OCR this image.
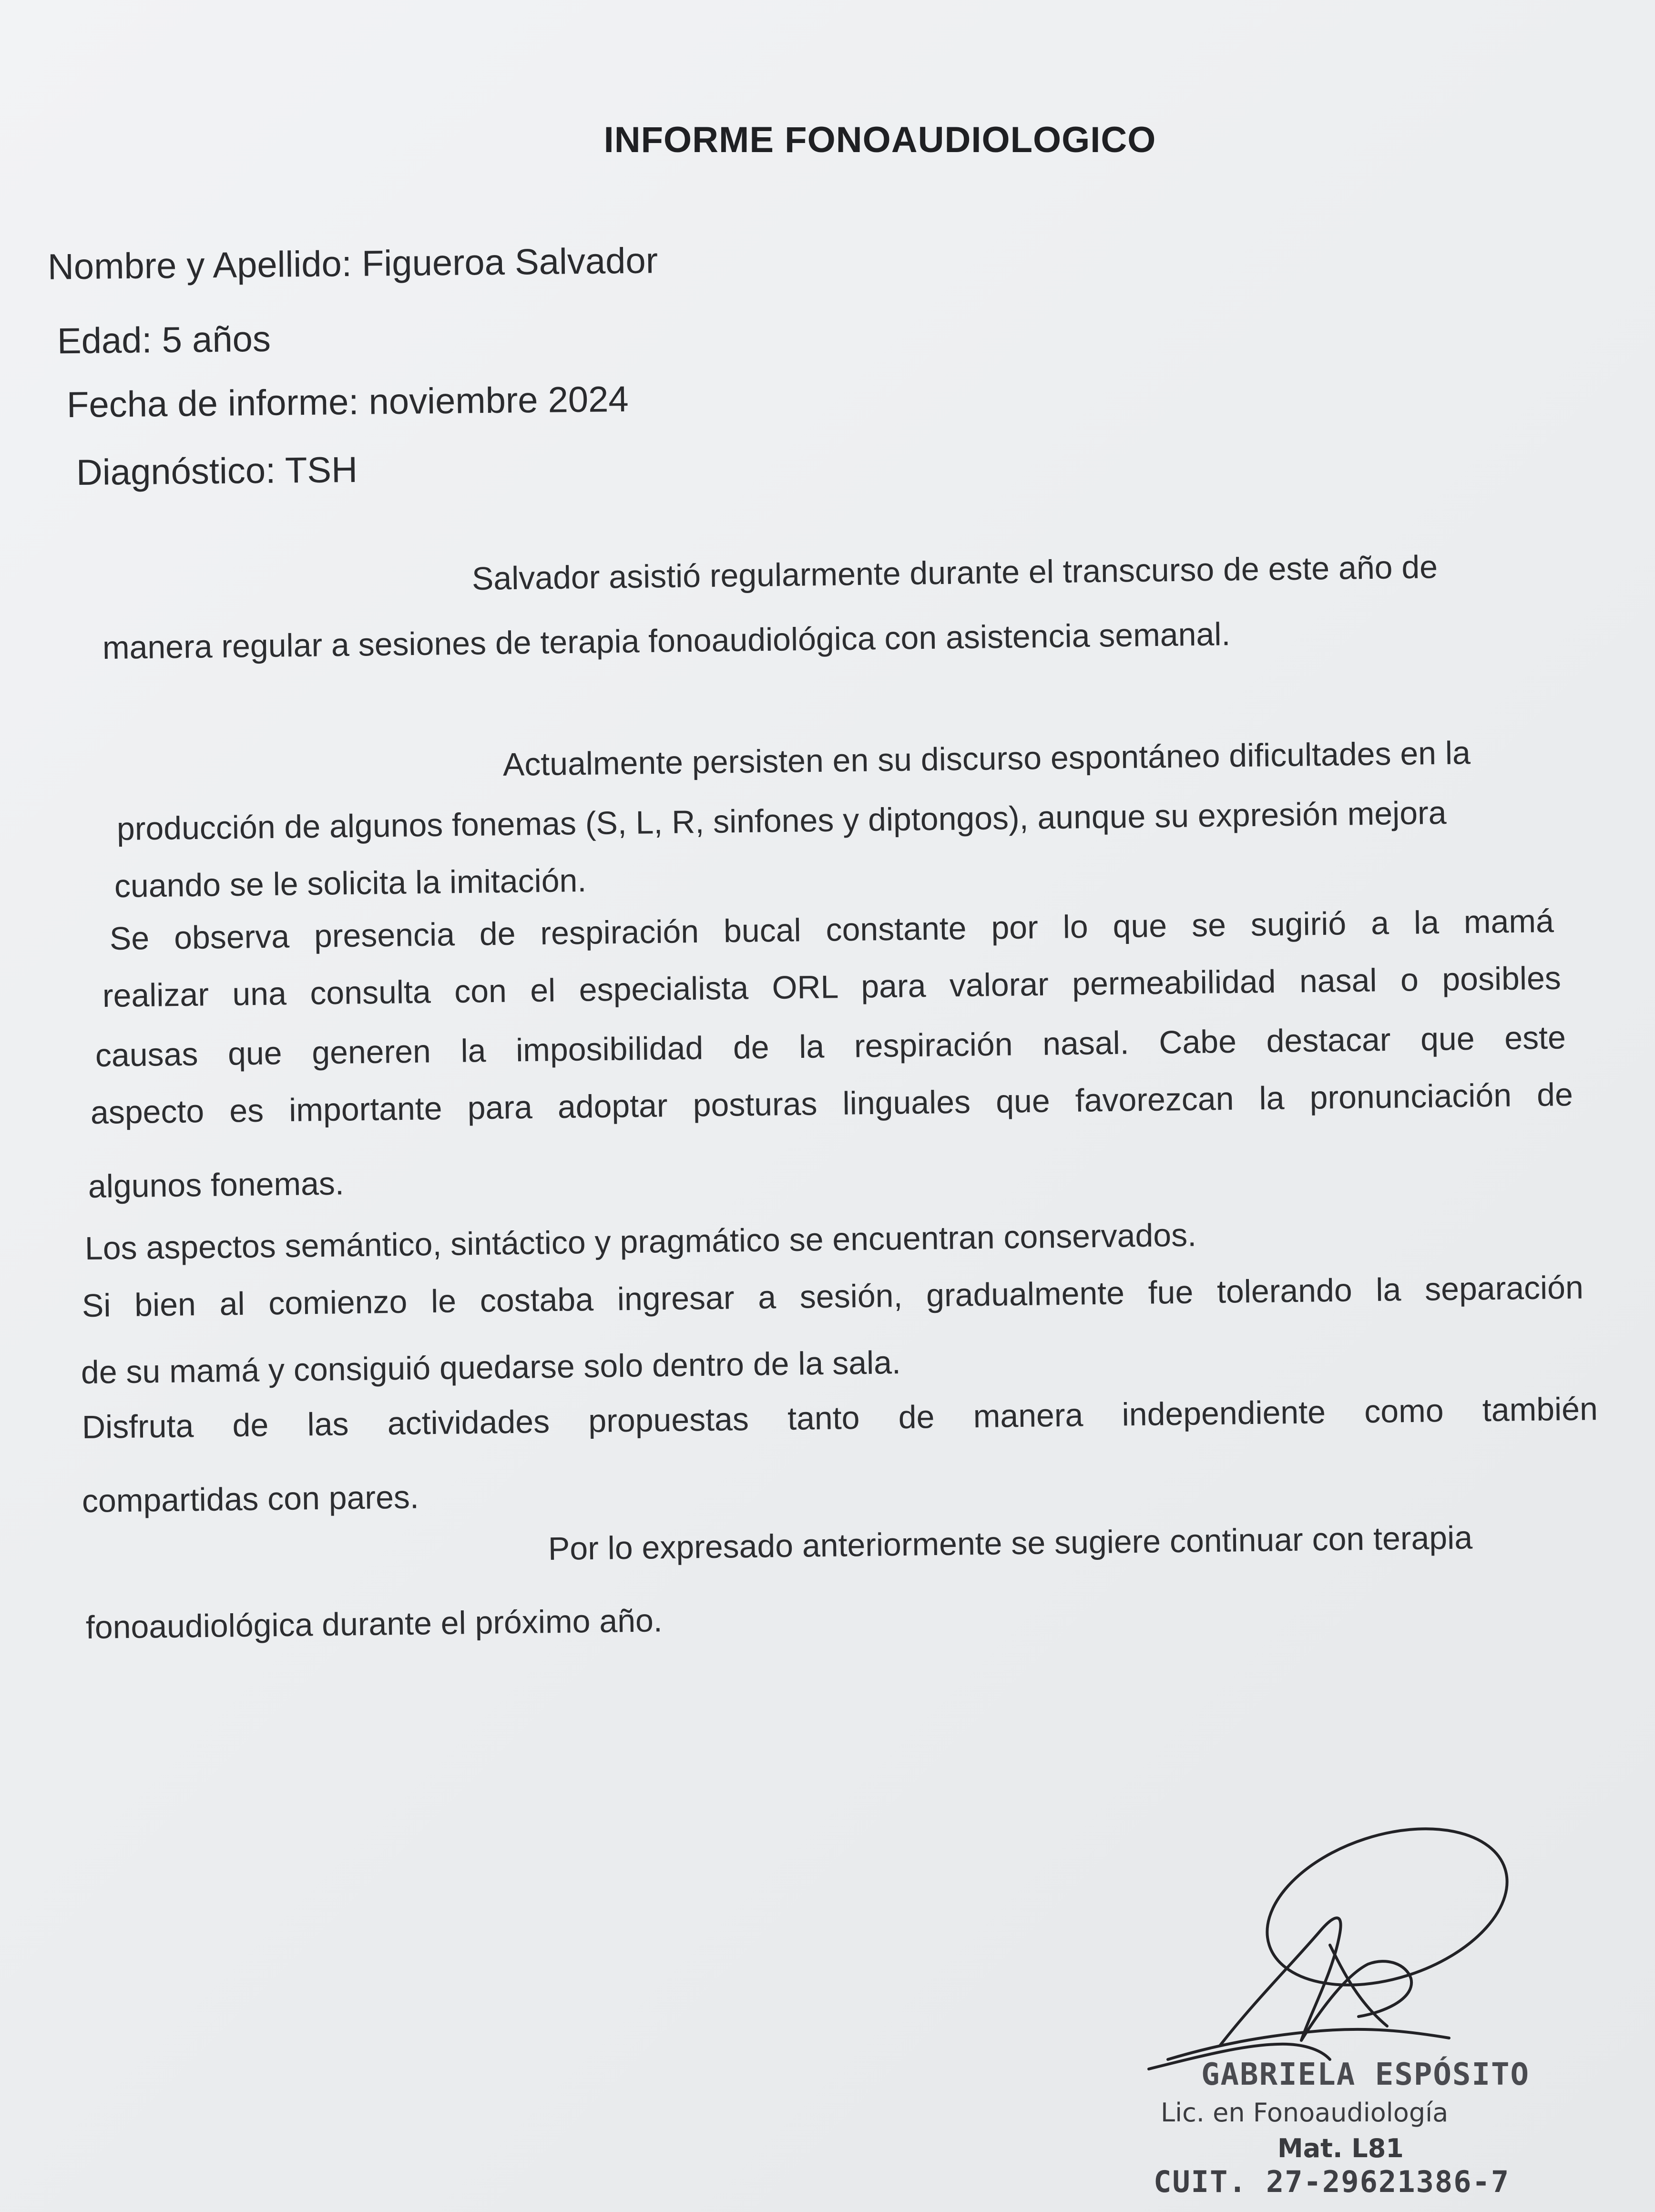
INFORME FONOAUDIOLOGICO
Nombre y Apellido: Figueroa Salvador
Edad: 5 años
Fecha de informe: noviembre 2024
Diagnóstico: TSH
Salvador asistió regularmente durante el transcurso de este año de
manera regular a sesiones de terapia fonoaudiológica con asistencia semanal.
Actualmente persisten en su discurso espontáneo dificultades en la
producción de algunos fonemas (S, L, R, sinfones y diptongos), aunque su expresión mejora
cuando se le solicita la imitación.
Se observa presencia de respiración bucal constante por lo que se sugirió a la mamá
realizar una consulta con el especialista ORL para valorar permeabilidad nasal o posibles
causas que generen la imposibilidad de la respiración nasal. Cabe destacar que este
aspecto es importante para adoptar posturas linguales que favorezcan la pronunciación de
algunos fonemas.
Los aspectos semántico, sintáctico y pragmático se encuentran conservados.
Si bien al comienzo le costaba ingresar a sesión, gradualmente fue tolerando la separación
de su mamá y consiguió quedarse solo dentro de la sala.
Disfruta de las actividades propuestas tanto de manera independiente como también
compartidas con pares.
Por lo expresado anteriormente se sugiere continuar con terapia
fonoaudiológica durante el próximo año.
GABRIELA ESPÓSITO
Lic. en Fonoaudiología
Mat. L81
CUIT. 27-29621386-7
